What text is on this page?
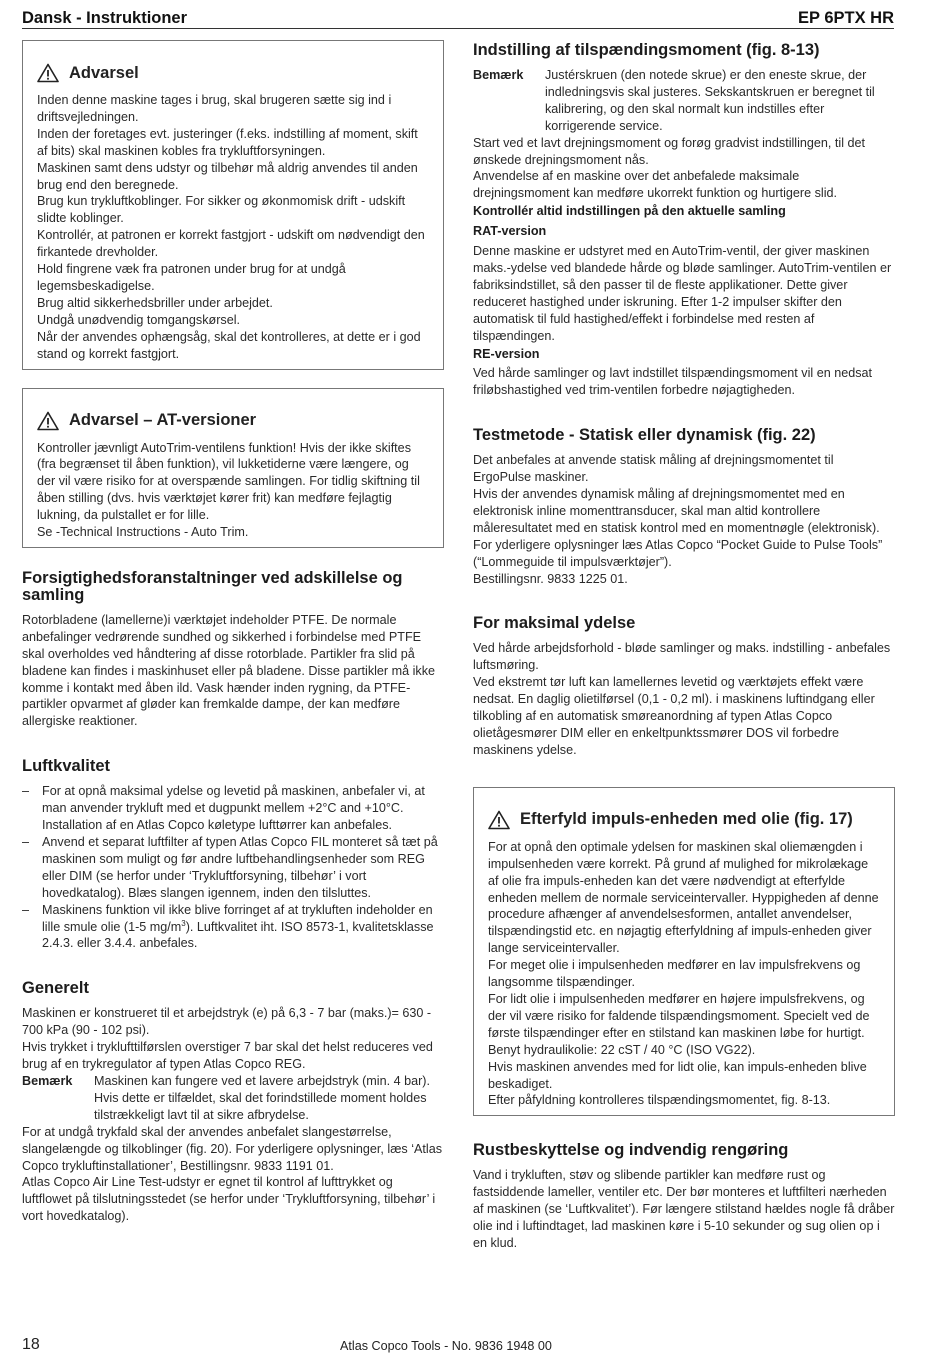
Dansk - Instruktioner	EP 6PTX HR
Advarsel

Inden denne maskine tages i brug, skal brugeren sætte sig ind i driftsvejledningen.

Inden der foretages evt. justeringer (f.eks. indstilling af moment, skift af bits) skal maskinen kobles fra trykluftforsyningen.

Maskinen samt dens udstyr og tilbehør må aldrig anvendes til anden brug end den beregnede.

Brug kun trykluftkoblinger. For sikker og økonmomisk drift - udskift slidte koblinger.

Kontrollér, at patronen er korrekt fastgjort - udskift om nødvendigt den firkantede drevholder.

Hold fingrene væk fra patronen under brug for at undgå legemsbeskadigelse.

Brug altid sikkerhedsbriller under arbejdet.

Undgå unødvendig tomgangskørsel.

Når der anvendes ophængsåg, skal det kontrolleres, at dette er i god stand og korrekt fastgjort.

Advarsel – AT-versioner

Kontroller jævnligt AutoTrim-ventilens funktion! Hvis der ikke skiftes (fra begrænset til åben funktion), vil lukketiderne være længere, og der vil være risiko for at overspænde samlingen. For tidlig skiftning til åben stilling (dvs. hvis værktøjet kører frit) kan medføre fejlagtig lukning, da pulstallet er for lille.

Se -Technical Instructions - Auto Trim.

Forsigtighedsforanstaltninger ved adskillelse og samling

Rotorbladene (lamellerne)i værktøjet indeholder PTFE. De normale anbefalinger vedrørende sundhed og sikkerhed i forbindelse med PTFE skal overholdes ved håndtering af disse rotorblade. Partikler fra slid på bladene kan findes i maskinhuset eller på bladene. Disse partikler må ikke komme i kontakt med åben ild. Vask hænder inden rygning, da PTFE-partikler opvarmet af gløder kan fremkalde dampe, der kan medføre allergiske reaktioner.

Luftkvalitet
–	For at opnå maksimal ydelse og levetid på maskinen, anbefaler vi, at man anvender trykluft med et dugpunkt mellem +2°C and +10°C. Installation af en Atlas Copco køletype lufttørrer kan anbefales.
–	Anvend et separat luftfilter af typen Atlas Copco FIL monteret så tæt på maskinen som muligt og før andre luftbehandlingsenheder som REG eller DIM (se herfor under ‘Trykluftforsyning, tilbehør’ i vort hovedkatalog). Blæs slangen igennem, inden den tilsluttes.
–	Maskinens funktion vil ikke blive forringet af at trykluften indeholder en lille smule olie (1-5 $mg/m^3$). Luftkvalitet iht. ISO 8573-1, kvalitetsklasse 2.4.3. eller 3.4.4. anbefales.
Generelt

Maskinen er konstrueret til et arbejdstryk (e) på 6,3 - 7 bar (maks.)= 630 - 700 kPa (90 - 102 psi).

Hvis trykket i tryklufttilførslen overstiger 7 bar skal det helst reduceres ved brug af en trykregulator af typen Atlas Copco REG.

Bemærk	Maskinen kan fungere ved et lavere arbejdstryk (min. 4 bar). Hvis dette er tilfældet, skal det forindstillede moment holdes tilstrækkeligt lavt til at sikre afbrydelse.

For at undgå trykfald skal der anvendes anbefalet slangestørrelse, slangelængde og tilkoblinger (fig. 20). For yderligere oplysninger, læs ‘Atlas Copco trykluftinstallationer’, Bestillingsnr. 9833 1191 01.

Atlas Copco Air Line Test-udstyr er egnet til kontrol af lufttrykket og luftflowet på tilslutningsstedet (se herfor under ‘Trykluftforsyning, tilbehør’ i vort hovedkatalog).

Indstilling af tilspændingsmoment (fig. 8-13)
Bemærk	Justérskruen (den notede skrue) er den eneste skrue, der indledningsvis skal justeres. Sekskantskruen er beregnet til kalibrering, og den skal normalt kun indstilles efter korrigerende service.

Start ved et lavt drejningsmoment og forøg gradvist indstillingen, til det ønskede drejningsmoment nås.

Anvendelse af en maskine over det anbefalede maksimale drejningsmoment kan medføre ukorrekt funktion og hurtigere slid.

Kontrollér altid indstillingen på den aktuelle samling
RAT-version

Denne maskine er udstyret med en AutoTrim-ventil, der giver maskinen maks.-ydelse ved blandede hårde og bløde samlinger. AutoTrim-ventilen er fabriksindstillet, så den passer til de fleste applikationer. Dette giver reduceret hastighed under iskruning. Efter 1-2 impulser skifter den automatisk til fuld hastighed/effekt i forbindelse med resten af tilspændingen.

RE-version

Ved hårde samlinger og lavt indstillet tilspændingsmoment vil en nedsat friløbshastighed ved trim-ventilen forbedre nøjagtigheden.

Testmetode - Statisk eller dynamisk (fig. 22)

Det anbefales at anvende statisk måling af drejningsmomentet til ErgoPulse maskiner.

Hvis der anvendes dynamisk måling af drejningsmomentet med en elektronisk inline momenttransducer, skal man altid kontrollere måleresultatet med en statisk kontrol med en momentnøgle (elektronisk).

For yderligere oplysninger læs Atlas Copco “Pocket Guide to Pulse Tools” (“Lommeguide til impulsværktøjer”).

Bestillingsnr. 9833 1225 01.

For maksimal ydelse

Ved hårde arbejdsforhold - bløde samlinger og maks. indstilling - anbefales luftsmøring.

Ved ekstremt tør luft kan lamellernes levetid og værktøjets effekt være nedsat. En daglig olietilførsel (0,1 - 0,2 ml). i maskinens luftindgang eller tilkobling af en automatisk smøreanordning af typen Atlas Copco olietågesmører DIM eller en enkeltpunktssmører DOS vil forbedre maskinens ydelse.

Efterfyld impuls-enheden med olie (fig. 17)

For at opnå den optimale ydelsen for maskinen skal oliemængden i impulsenheden være korrekt. På grund af mulighed for mikrolækage af olie fra impuls-enheden kan det være nødvendigt at efterfylde enheden mellem de normale serviceintervaller. Hyppigheden af denne procedure afhænger af anvendelsesformen, antallet anvendelser, tilspændingstid etc. en nøjagtig efterfyldning af impuls-enheden giver lange serviceintervaller.

For meget olie i impulsenheden medfører en lav impulsfrekvens og langsomme tilspændinger.

For lidt olie i impulsenheden medfører en højere impulsfrekvens, og der vil være risiko for faldende tilspændingsmoment. Specielt ved de første tilspændinger efter en stilstand kan maskinen løbe for hurtigt.

Benyt hydraulikolie: 22 cST / 40 °C (ISO VG22).

Hvis maskinen anvendes med for lidt olie, kan impuls-enheden blive beskadiget.

Efter påfyldning kontrolleres tilspændingsmomentet, fig. 8-13.

Rustbeskyttelse og indvendig rengøring

Vand i trykluften, støv og slibende partikler kan medføre rust og fastsiddende lameller, ventiler etc. Der bør monteres et luftfilteri nærheden af maskinen (se ‘Luftkvalitet’). Før længere stilstand hældes nogle få dråber olie ind i luftindtaget, lad maskinen køre i 5-10 sekunder og sug olien op i en klud.

18	Atlas Copco Tools - No. 9836 1948 00
